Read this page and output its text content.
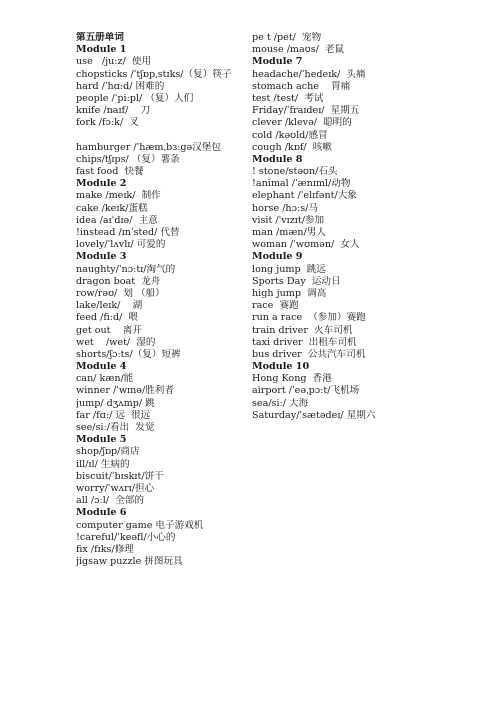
第五册单词
Module 1
use   /juːz/  使用
chopsticks /ˈtʃɒpˌstɪks/（复）筷子
hard /ˈhɑːd/ 困难的
people /ˈpiːpl/ （复）人们
knife /naɪf/    刀
fork /fɔːk/  叉
hamburger /ˈhæmˌbɜːgə汉堡包
chips/tʃɪps/ （复）薯条
fast food  快餐
Module 2
make /meɪk/  制作
cake /keɪk/蛋糕
idea /aɪˈdɪə/  主意
!instead /ɪnˈsted/ 代替
lovely/ˈlʌvlɪ/ 可爱的
Module 3
naughty/ˈnɔːtɪ/淘气的
dragon boat  龙舟
row/rəʊ/  划 （船）
lake/leɪk/    湖
feed /fiːd/  喂
get out    离开
wet    /wet/  湿的
shorts/ʃɔːts/（复）短裤
Module 4
can/ kæn/能
winner /ˈwɪnə/胜利者
jump/ dʒʌmp/ 跳
far /fɑː/ 远  很远
see/siː/看出  发觉
Module 5
shop/ʃɒp/商店
ill/ɪl/ 生病的
biscuit/ˈbɪskɪt/饼干
worry/ˈwʌrɪ/担心
all /ɔːl/  全部的
Module 6
computer game 电子游戏机
!careful/ˈkeəfl/小心的
fix /fɪks/修理
jigsaw puzzle 拼图玩具
pe t /pet/  宠物
mouse /maʊs/  老鼠
Module 7
headache/ˈhedeɪk/  头痛
stomach ache    胃痛
test /test/  考试
Friday/ˈfraɪdeɪ/  星期五
clever /klevə/  聪明的
cold /kəʊld/感冒
cough /kɒf/  咳嗽
Module 8
! stone/stəʊn/石头
!animal /ˈænɪml/动物
elephant /ˈelɪfənt/大象
horse /hɔːs/马
visit /ˈvɪzɪt/参加
man /mæn/男人
woman /ˈwʊmən/  女人
Module 9
long jump  跳远
Sports Day  运动日
high jump  调高
race  赛跑
run a race  （参加）赛跑
train driver  火车司机
taxi driver  出租车司机
bus driver  公共汽车司机
Module 10
Hong Kong  香港
airport /ˈeəˌpɔːt/飞机场
sea/siː/ 大海
Saturday/ˈsætədeɪ/ 星期六
